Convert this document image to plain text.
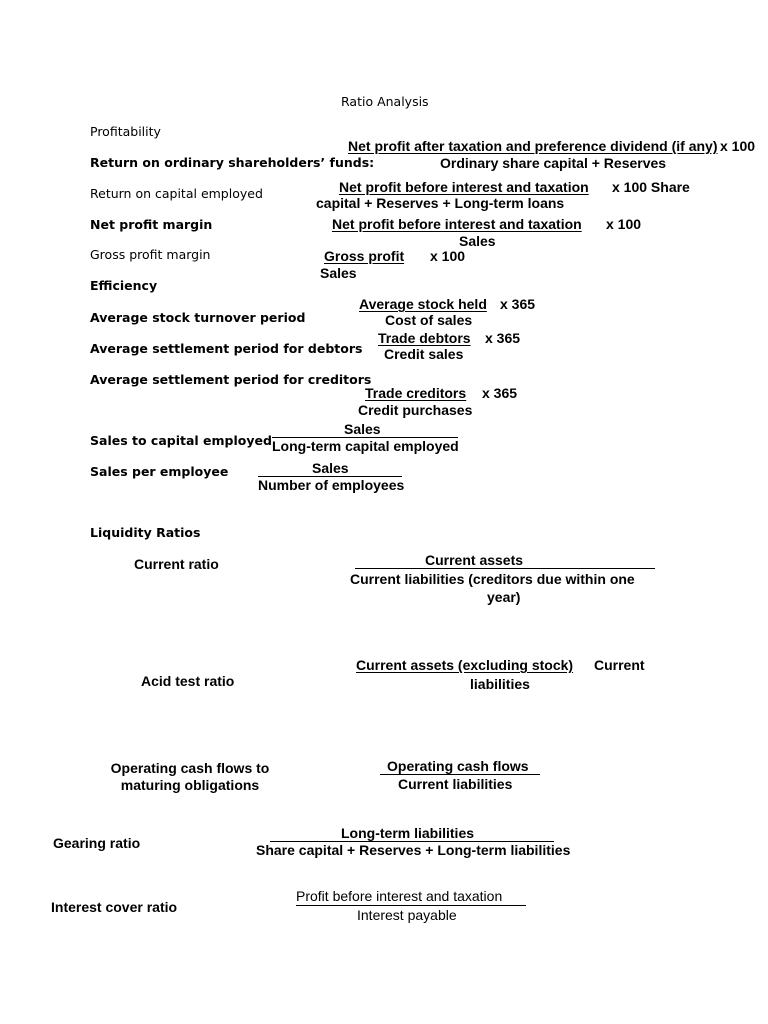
Ratio Analysis
Profitability
Return on ordinary shareholders’ funds:
Net profit after taxation and preference dividend (if any) x 100
Ordinary share capital + Reserves
Return on capital employed	Net profit before interest and taxation x 100 Share
capital + Reserves + Long-term loans
Net profit margin	Net profit before interest and taxation x 100
Sales
Gross profit margin	Gross profit x 100
Sales
Efficiency
Average stock turnover period
Average stock held x 365
Cost of sales
Average settlement period for debtors
Trade debtors x 365
Credit sales
Average settlement period for creditors
Trade creditors x 365
Credit purchases
Sales to capital employed
Sales
Long-term capital employed
Sales per employee	Sales
Number of employees
Liquidity Ratios
Current ratio	Current assets
Current liabilities (creditors due within one
year)
Acid test ratio
Current assets (excluding stock) Current
liabilities
Operating cash flows to
maturing obligations
Operating cash flows
Current liabilities
Gearing ratio
Long-term liabilities
Share capital + Reserves + Long-term liabilities
Interest cover ratio
Profit before interest and taxation
Interest payable
